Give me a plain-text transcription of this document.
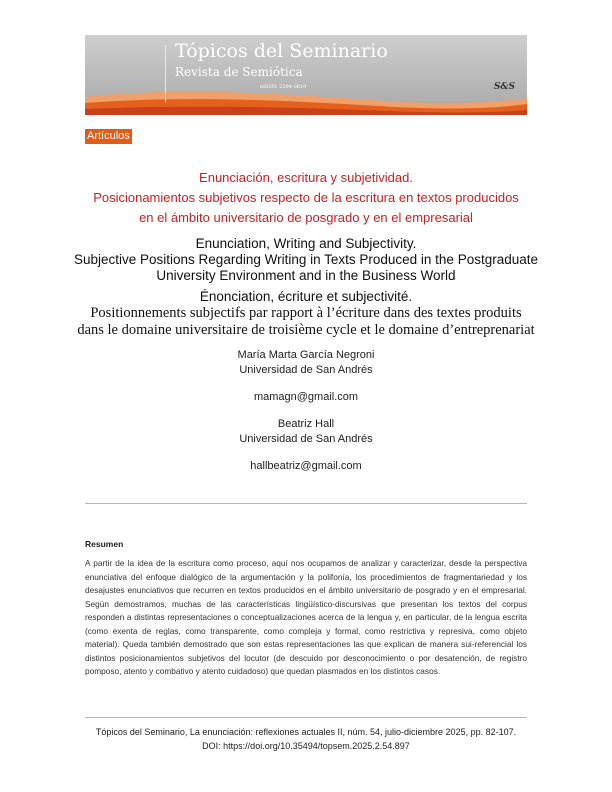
Tópicos del Seminario
Revista de Semiótica
eISSN: 2594-0619	S&S
Artículos
Enunciación, escritura y subjetividad.
Posicionamientos subjetivos respecto de la escritura en textos producidos
en el ámbito universitario de posgrado y en el empresarial
Enunciation, Writing and Subjectivity.
Subjective Positions Regarding Writing in Texts Produced in the Postgraduate
University Environment and in the Business World
Énonciation, écriture et subjectivité.
Positionnements subjectifs par rapport à l’écriture dans des textes produits
dans le domaine universitaire de troisième cycle et le domaine d’entreprenariat
María Marta García Negroni
Universidad de San Andrés
mamagn@gmail.com
Beatriz Hall
Universidad de San Andrés
hallbeatriz@gmail.com
Resumen
A partir de la idea de la escritura como proceso, aquí nos ocupamos de analizar y caracterizar, desde la perspectiva enunciativa del enfoque dialógico de la argumentación y la polifonía, los procedimientos de fragmentariedad y los desajustes enunciativos que recurren en textos producidos en el ámbito universitario de posgrado y en el empresarial. Según demostramos, muchas de las características lingüístico-discursivas que presentan los textos del corpus responden a distintas representaciones o conceptualizaciones acerca de la lengua y, en particular, de la lengua escrita (como exenta de reglas, como transparente, como compleja y formal, como restrictiva y represiva, como objeto material). Queda también demostrado que son estas representaciones las que explican de manera sui-referencial los distintos posicionamientos subjetivos del locutor (de descuido por desconocimiento o por desatención, de registro pomposo, atento y combativo y atento cuidadoso) que quedan plasmados en los distintos casos.
Tópicos del Seminario, La enunciación: reflexiones actuales II, núm. 54, julio-diciembre 2025, pp. 82-107.
DOI: https://doi.org/10.35494/topsem.2025.2.54.897
